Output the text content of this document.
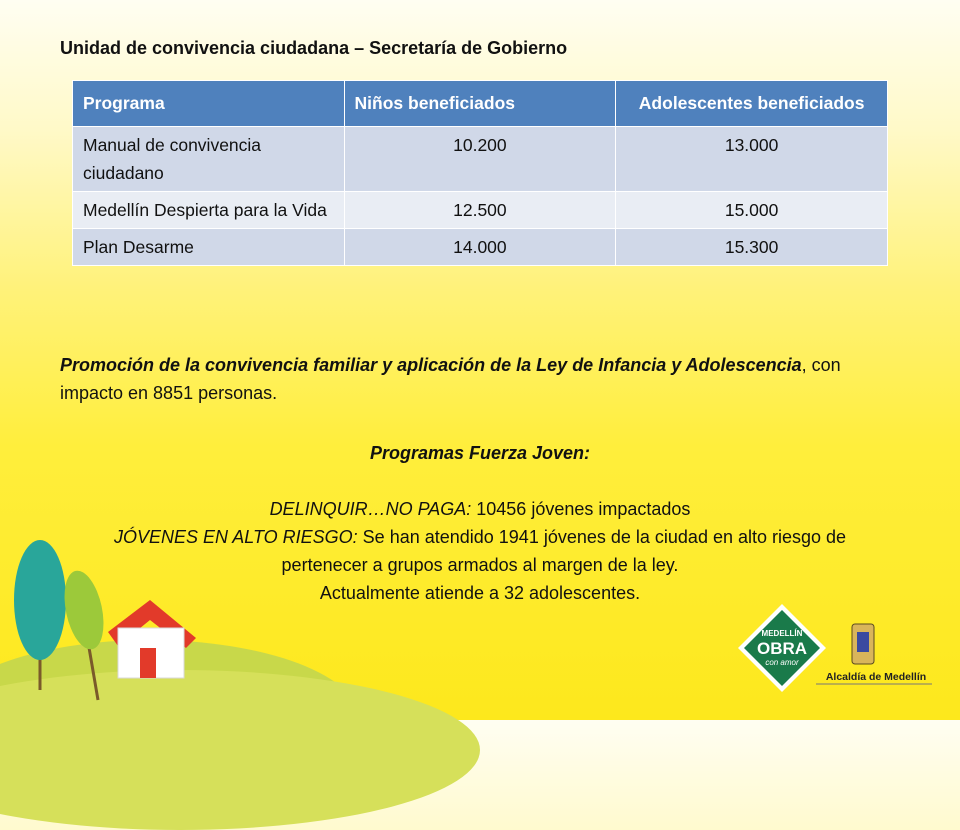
Unidad de convivencia ciudadana – Secretaría de Gobierno
Programa	Niños beneficiados	Adolescentes beneficiados
Manual de convivencia ciudadano	10.200	13.000
Medellín Despierta para la Vida	12.500	15.000
Plan Desarme	14.000	15.300
Promoción de la convivencia familiar y aplicación de la Ley de Infancia y Adolescencia, con impacto en 8851 personas.
Programas Fuerza Joven:
DELINQUIR…NO PAGA: 10456 jóvenes impactados
JÓVENES EN ALTO RIESGO: Se han atendido 1941 jóvenes de la ciudad en alto riesgo de pertenecer a grupos armados al margen de la ley.
Actualmente atiende a 32 adolescentes.
MEDELLÍN
OBRA
con amor
Alcaldía de Medellín
